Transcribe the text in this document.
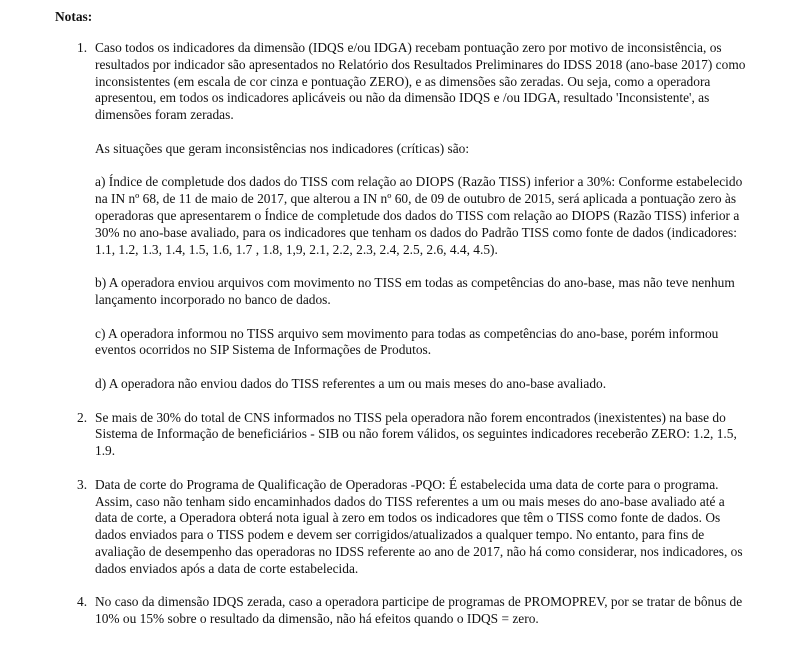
Notas:

1. Caso todos os indicadores da dimensão (IDQS e/ou IDGA) recebam pontuação zero por motivo de inconsistência, os resultados por indicador são apresentados no Relatório dos Resultados Preliminares do IDSS 2018 (ano-base 2017) como inconsistentes (em escala de cor cinza e pontuação ZERO), e as dimensões são zeradas. Ou seja, como a operadora apresentou, em todos os indicadores aplicáveis ou não da dimensão IDQS e /ou IDGA, resultado 'Inconsistente', as dimensões foram zeradas.

As situações que geram inconsistências nos indicadores (críticas) são:

a) Índice de completude dos dados do TISS com relação ao DIOPS (Razão TISS) inferior a 30%: Conforme estabelecido na IN nº 68, de 11 de maio de 2017, que alterou a IN nº 60, de 09 de outubro de 2015, será aplicada a pontuação zero às operadoras que apresentarem o Índice de completude dos dados do TISS com relação ao DIOPS (Razão TISS) inferior a 30% no ano-base avaliado, para os indicadores que tenham os dados do Padrão TISS como fonte de dados (indicadores: 1.1, 1.2, 1.3, 1.4, 1.5, 1.6, 1.7 , 1.8, 1,9, 2.1, 2.2, 2.3, 2.4, 2.5, 2.6, 4.4, 4.5).

b) A operadora enviou arquivos com movimento no TISS em todas as competências do ano-base, mas não teve nenhum lançamento incorporado no banco de dados.

c) A operadora informou no TISS arquivo sem movimento para todas as competências do ano-base, porém informou eventos ocorridos no SIP Sistema de Informações de Produtos.

d) A operadora não enviou dados do TISS referentes a um ou mais meses do ano-base avaliado.

2. Se mais de 30% do total de CNS informados no TISS pela operadora não forem encontrados (inexistentes) na base do Sistema de Informação de beneficiários - SIB ou não forem válidos, os seguintes indicadores receberão ZERO: 1.2, 1.5, 1.9.

3. Data de corte do Programa de Qualificação de Operadoras -PQO: É estabelecida uma data de corte para o programa. Assim, caso não tenham sido encaminhados dados do TISS referentes a um ou mais meses do ano-base avaliado até a data de corte, a Operadora obterá nota igual à zero em todos os indicadores que têm o TISS como fonte de dados. Os dados enviados para o TISS podem e devem ser corrigidos/atualizados a qualquer tempo. No entanto, para fins de avaliação de desempenho das operadoras no IDSS referente ao ano de 2017, não há como considerar, nos indicadores, os dados enviados após a data de corte estabelecida.

4. No caso da dimensão IDQS zerada, caso a operadora participe de programas de PROMOPREV, por se tratar de bônus de 10% ou 15% sobre o resultado da dimensão, não há efeitos quando o IDQS = zero.
